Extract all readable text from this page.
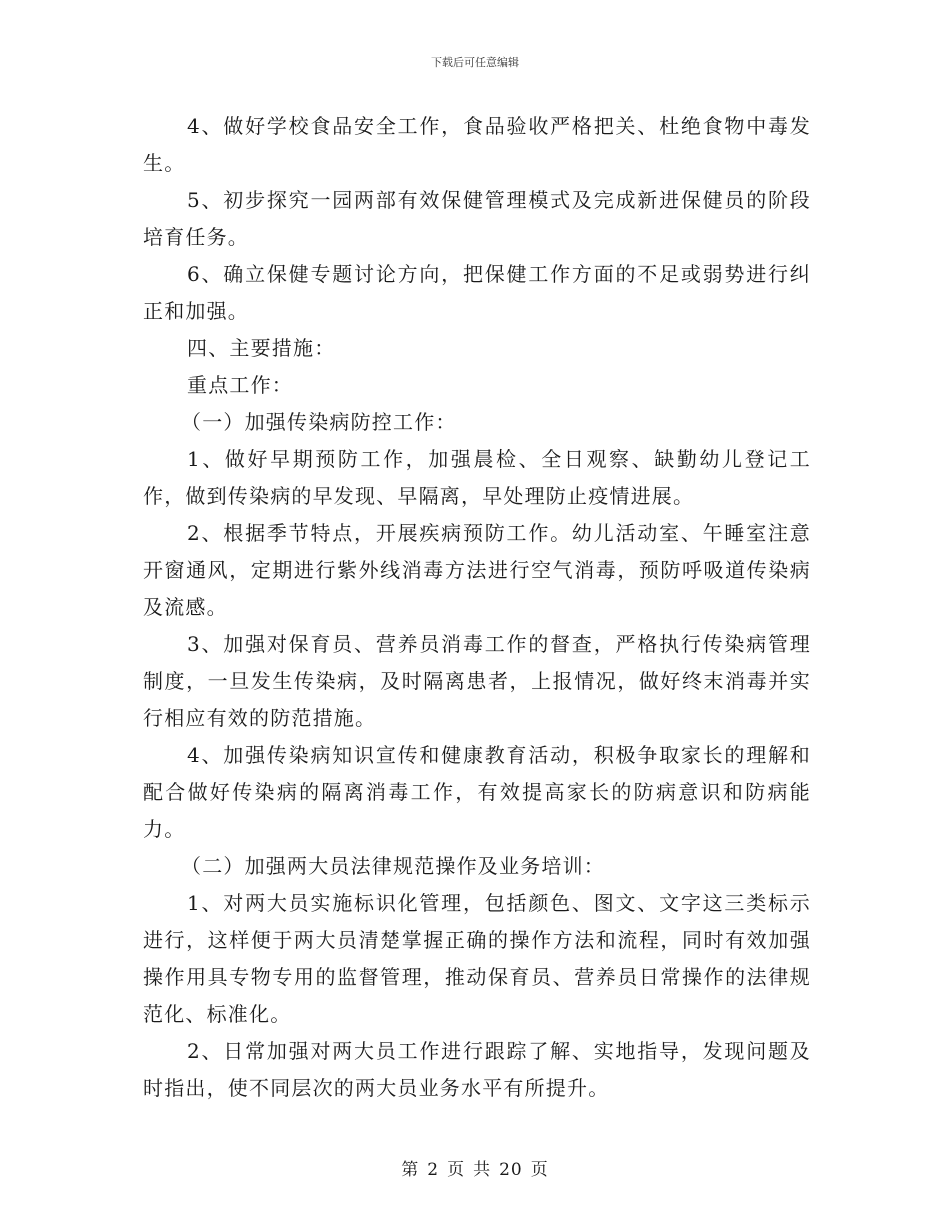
下载后可任意编辑

4、做好学校食品安全工作，食品验收严格把关、杜绝食物中毒发生。

5、初步探究一园两部有效保健管理模式及完成新进保健员的阶段培育任务。

6、确立保健专题讨论方向，把保健工作方面的不足或弱势进行纠正和加强。

四、主要措施：

重点工作：

（一）加强传染病防控工作：

1、做好早期预防工作，加强晨检、全日观察、缺勤幼儿登记工作，做到传染病的早发现、早隔离，早处理防止疫情进展。

2、根据季节特点，开展疾病预防工作。幼儿活动室、午睡室注意开窗通风，定期进行紫外线消毒方法进行空气消毒，预防呼吸道传染病及流感。

3、加强对保育员、营养员消毒工作的督查，严格执行传染病管理制度，一旦发生传染病，及时隔离患者，上报情况，做好终末消毒并实行相应有效的防范措施。

4、加强传染病知识宣传和健康教育活动，积极争取家长的理解和配合做好传染病的隔离消毒工作，有效提高家长的防病意识和防病能力。

（二）加强两大员法律规范操作及业务培训：

1、对两大员实施标识化管理，包括颜色、图文、文字这三类标示进行，这样便于两大员清楚掌握正确的操作方法和流程，同时有效加强操作用具专物专用的监督管理，推动保育员、营养员日常操作的法律规范化、标准化。

2、日常加强对两大员工作进行跟踪了解、实地指导，发现问题及时指出，使不同层次的两大员业务水平有所提升。

第 2 页 共 20 页
